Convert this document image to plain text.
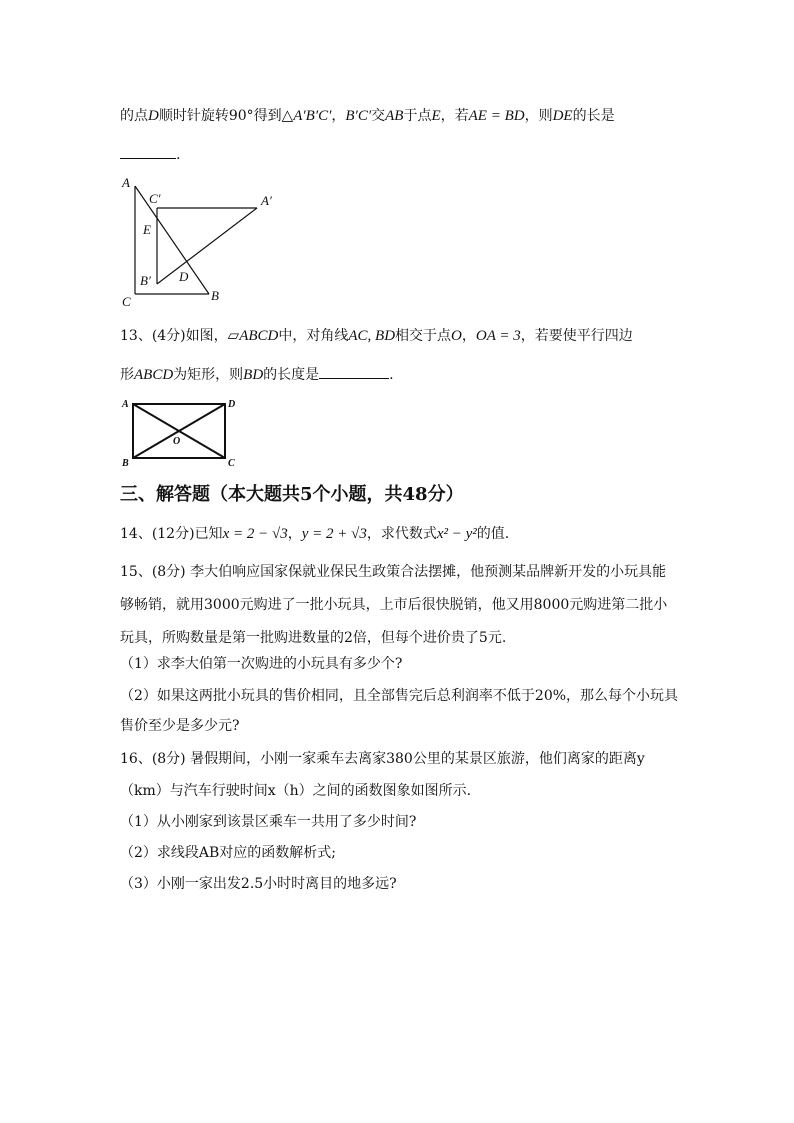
的点D顺时针旋转90°得到△A′B′C′，B′C′交AB于点E，若AE = BD，则DE的长是
.
A
C′	A′
E
D
B′
C	B
13、(4分)如图，▱ABCD中，对角线AC, BD相交于点O，OA = 3，若要使平行四边
形ABCD为矩形，则BD的长度是	.
A	D
O
B	C
三、解答题（本大题共5个小题，共48分）
14、(12分)已知x = 2 − √3，y = 2 + √3，求代数式x² − y²的值.
15、(8分) 李大伯响应国家保就业保民生政策合法摆摊，他预测某品牌新开发的小玩具能
够畅销，就用3000元购进了一批小玩具，上市后很快脱销，他又用8000元购进第二批小
玩具，所购数量是第一批购进数量的2倍，但每个进价贵了5元.
（1）求李大伯第一次购进的小玩具有多少个?
（2）如果这两批小玩具的售价相同，且全部售完后总利润率不低于20%，那么每个小玩具
售价至少是多少元?
16、(8分) 暑假期间，小刚一家乘车去离家380公里的某景区旅游，他们离家的距离y
（km）与汽车行驶时间x（h）之间的函数图象如图所示.
（1）从小刚家到该景区乘车一共用了多少时间?
（2）求线段AB对应的函数解析式;
（3）小刚一家出发2.5小时时离目的地多远?
